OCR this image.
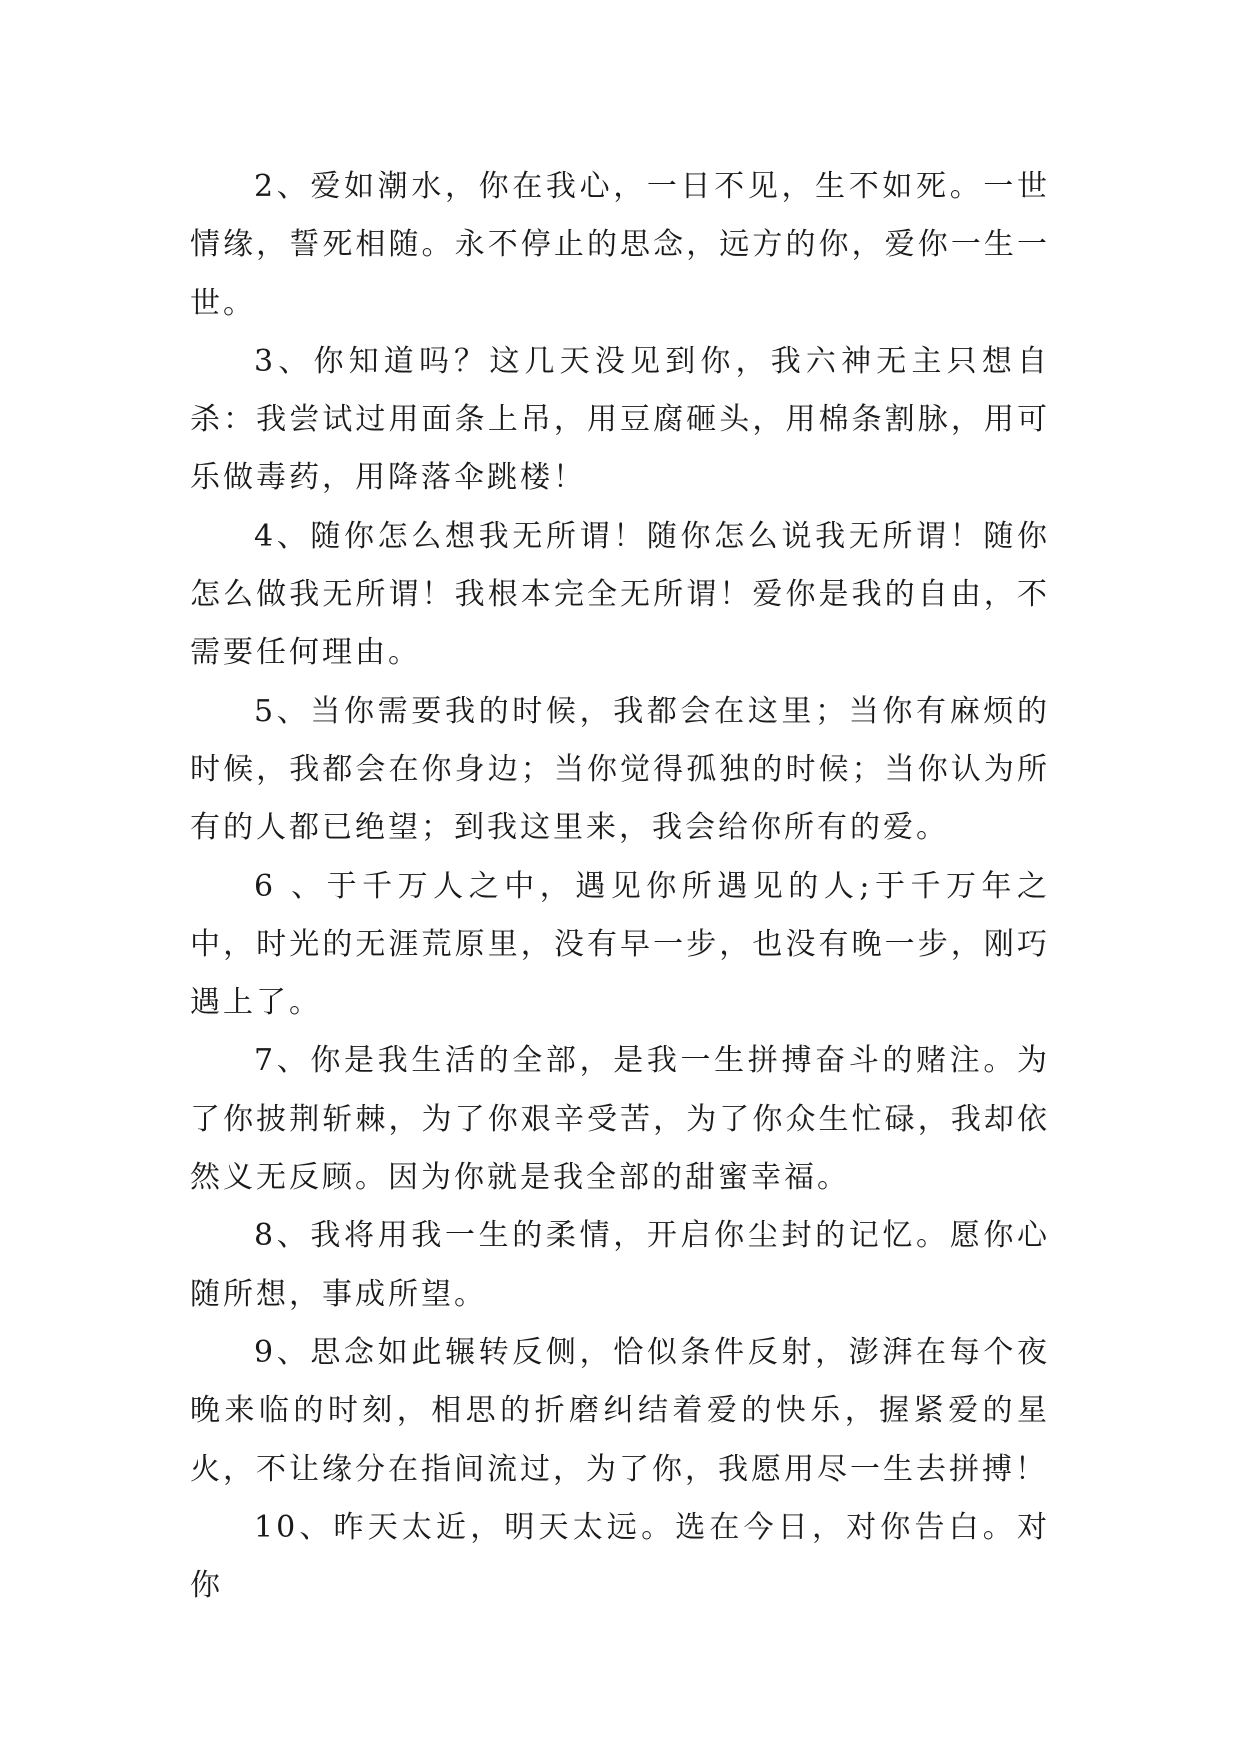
2、爱如潮水，你在我心，一日不见，生不如死。一世情缘，誓死相随。永不停止的思念，远方的你，爱你一生一世。

3、你知道吗？这几天没见到你，我六神无主只想自杀：我尝试过用面条上吊，用豆腐砸头，用棉条割脉，用可乐做毒药，用降落伞跳楼！

4、随你怎么想我无所谓！随你怎么说我无所谓！随你怎么做我无所谓！我根本完全无所谓！爱你是我的自由，不需要任何理由。

5、当你需要我的时候，我都会在这里；当你有麻烦的时候，我都会在你身边；当你觉得孤独的时候；当你认为所有的人都已绝望；到我这里来，我会给你所有的爱。

6 、于千万人之中，遇见你所遇见的人;于千万年之中，时光的无涯荒原里，没有早一步，也没有晚一步，刚巧遇上了。

7、你是我生活的全部，是我一生拼搏奋斗的赌注。为了你披荆斩棘，为了你艰辛受苦，为了你众生忙碌，我却依然义无反顾。因为你就是我全部的甜蜜幸福。

8、我将用我一生的柔情，开启你尘封的记忆。愿你心随所想，事成所望。

9、思念如此辗转反侧，恰似条件反射，澎湃在每个夜晚来临的时刻，相思的折磨纠结着爱的快乐，握紧爱的星火，不让缘分在指间流过，为了你，我愿用尽一生去拼搏！

10、昨天太近，明天太远。选在今日，对你告白。对你
